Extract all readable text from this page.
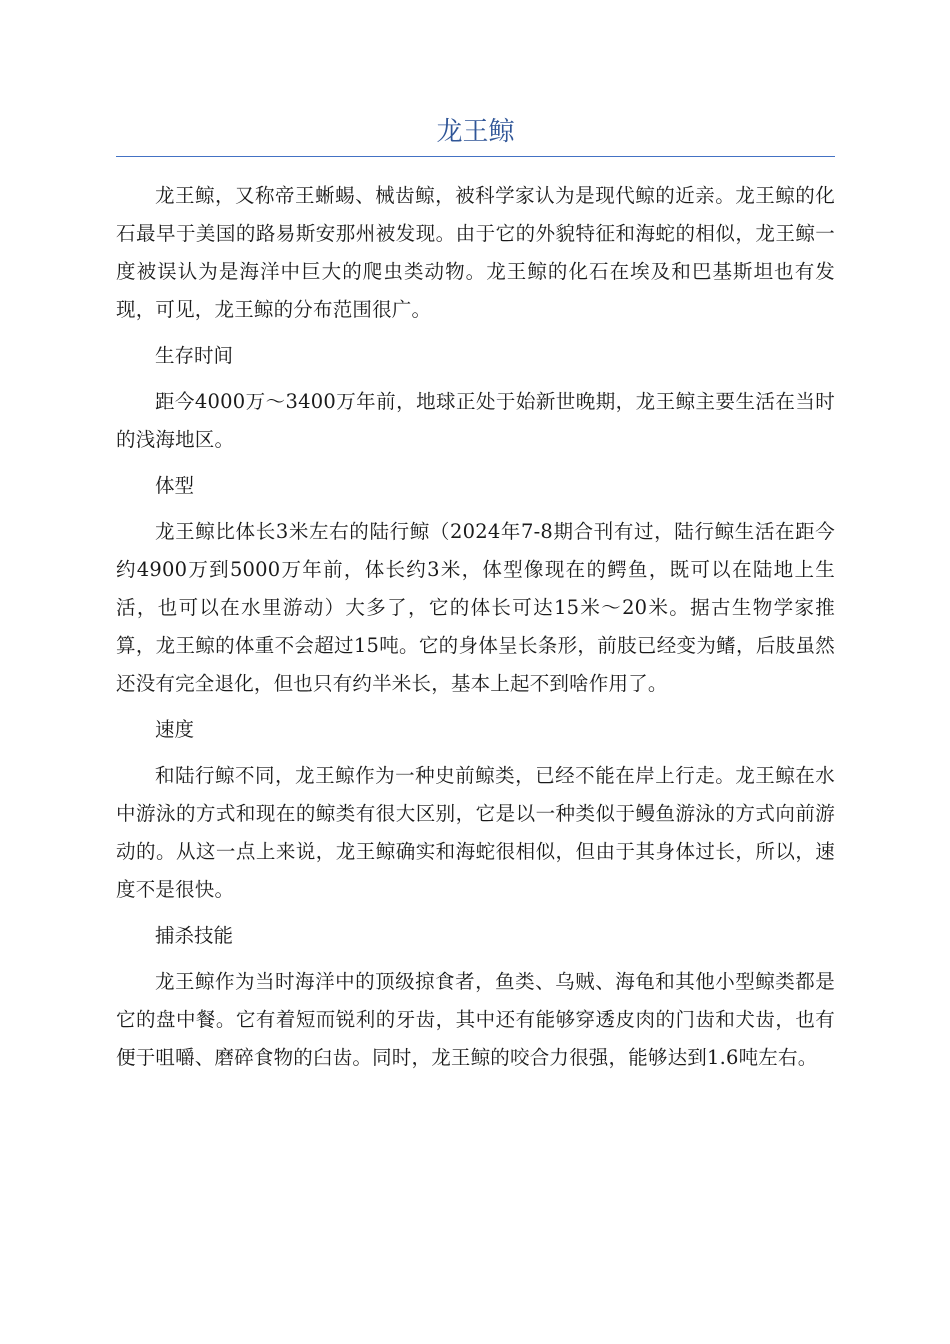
龙王鲸

龙王鲸，又称帝王蜥蜴、械齿鲸，被科学家认为是现代鲸的近亲。龙王鲸的化石最早于美国的路易斯安那州被发现。由于它的外貌特征和海蛇的相似，龙王鲸一度被误认为是海洋中巨大的爬虫类动物。龙王鲸的化石在埃及和巴基斯坦也有发现，可见，龙王鲸的分布范围很广。

生存时间

距今4000万～3400万年前，地球正处于始新世晚期，龙王鲸主要生活在当时的浅海地区。

体型

龙王鲸比体长3米左右的陆行鲸（2024年7-8期合刊有过，陆行鲸生活在距今约4900万到5000万年前，体长约3米，体型像现在的鳄鱼，既可以在陆地上生活，也可以在水里游动）大多了，它的体长可达15米～20米。据古生物学家推算，龙王鲸的体重不会超过15吨。它的身体呈长条形，前肢已经变为鳍，后肢虽然还没有完全退化，但也只有约半米长，基本上起不到啥作用了。

速度

和陆行鲸不同，龙王鲸作为一种史前鲸类，已经不能在岸上行走。龙王鲸在水中游泳的方式和现在的鲸类有很大区别，它是以一种类似于鳗鱼游泳的方式向前游动的。从这一点上来说，龙王鲸确实和海蛇很相似，但由于其身体过长，所以，速度不是很快。

捕杀技能

龙王鲸作为当时海洋中的顶级掠食者，鱼类、乌贼、海龟和其他小型鲸类都是它的盘中餐。它有着短而锐利的牙齿，其中还有能够穿透皮肉的门齿和犬齿，也有便于咀嚼、磨碎食物的臼齿。同时，龙王鲸的咬合力很强，能够达到1.6吨左右。
